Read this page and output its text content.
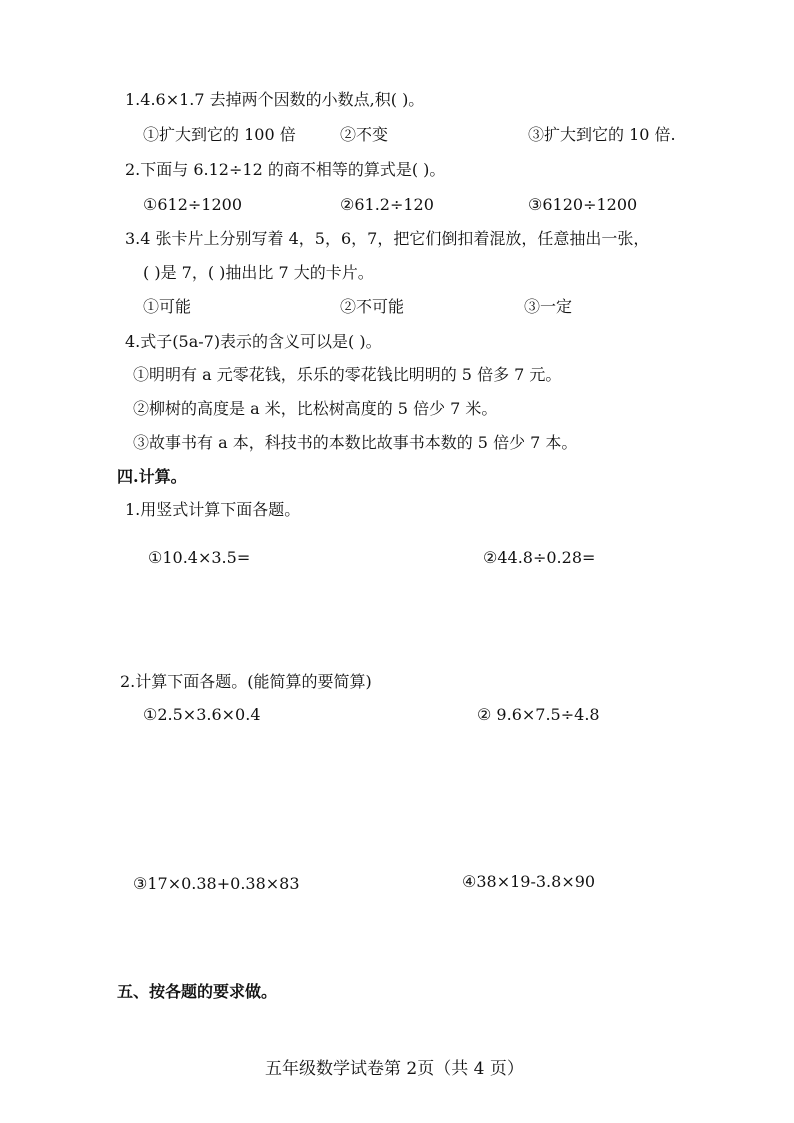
1.4.6×1.7 去掉两个因数的小数点,积( )。
①扩大到它的 100 倍	②不变	③扩大到它的 10 倍.
2.下面与 6.12÷12 的商不相等的算式是( )。
①612÷1200	②61.2÷120	③6120÷1200
3.4 张卡片上分别写着 4，5，6，7，把它们倒扣着混放，任意抽出一张，
( )是 7，( )抽出比 7 大的卡片。
①可能	②不可能	③一定
4.式子(5a-7)表示的含义可以是( )。
①明明有 a 元零花钱，乐乐的零花钱比明明的 5 倍多 7 元。
②柳树的高度是 a 米，比松树高度的 5 倍少 7 米。
③故事书有 a 本，科技书的本数比故事书本数的 5 倍少 7 本。
四.计算。
1.用竖式计算下面各题。
①10.4×3.5=	②44.8÷0.28=
2.计算下面各题。(能简算的要简算)
①2.5×3.6×0.4	② 9.6×7.5÷4.8
③17×0.38+0.38×83	④38×19-3.8×90
五、按各题的要求做。
五年级数学试卷第 2页（共 4 页）
